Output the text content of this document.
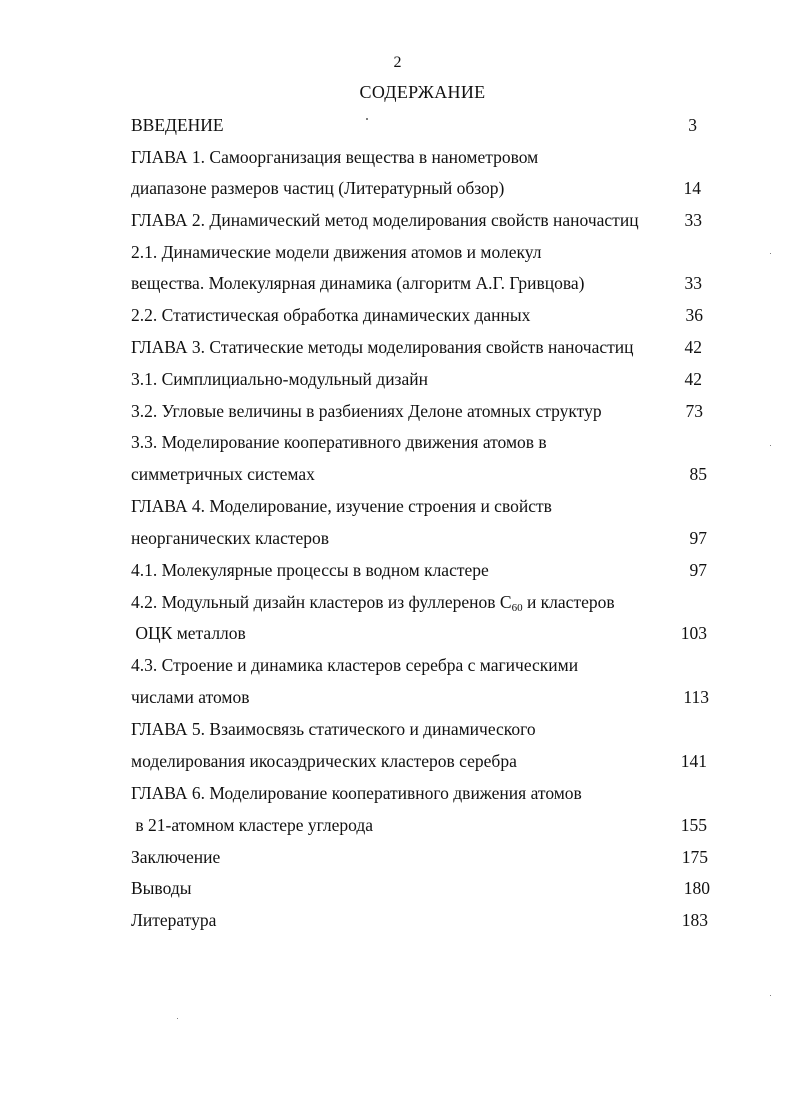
2
СОДЕРЖАНИЕ
ВВЕДЕНИЕ	3
ГЛАВА 1. Самоорганизация вещества в нанометровом
диапазоне размеров частиц (Литературный обзор)	14
ГЛАВА 2. Динамический метод моделирования свойств наночастиц	33
2.1. Динамические модели движения атомов и молекул
вещества. Молекулярная динамика (алгоритм А.Г. Гривцова)	33
2.2. Статистическая обработка динамических данных	36
ГЛАВА 3. Статические методы моделирования свойств наночастиц	42
3.1. Симплициально-модульный дизайн	42
3.2. Угловые величины в разбиениях Делоне атомных структур	73
3.3. Моделирование кооперативного движения атомов в
симметричных системах	85
ГЛАВА 4. Моделирование, изучение строения и свойств
неорганических кластеров	97
4.1. Молекулярные процессы в водном кластере	97
4.2. Модульный дизайн кластеров из фуллеренов $C_{60}$ и кластеров
ОЦК металлов	103
4.3. Строение и динамика кластеров серебра с магическими
числами атомов	113
ГЛАВА 5. Взаимосвязь статического и динамического
моделирования икосаэдрических кластеров серебра	141
ГЛАВА 6. Моделирование кооперативного движения атомов
в 21-атомном кластере углерода	155
Заключение	175
Выводы	180
Литература	183
